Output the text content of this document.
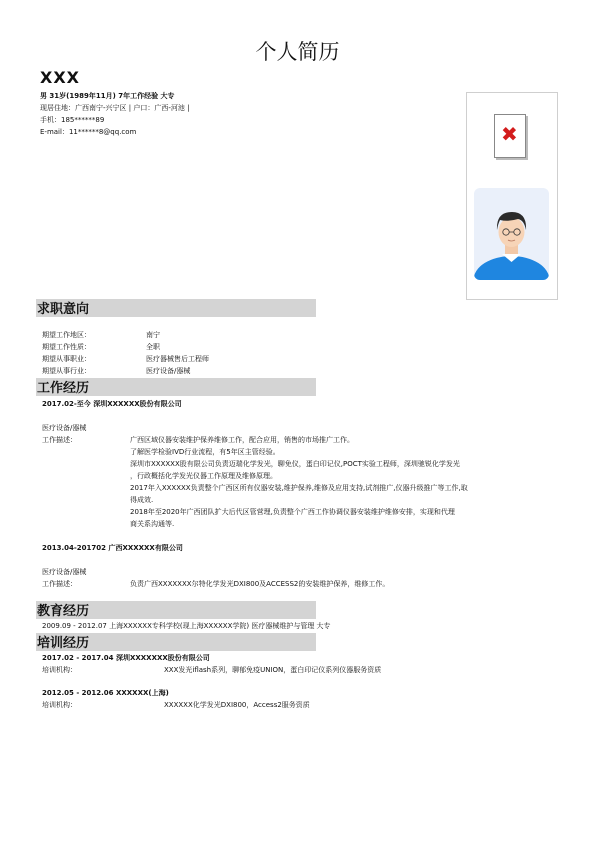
个人简历
XXX
男 31岁(1989年11月) 7年工作经验 大专
现居住地：广西南宁-兴宁区 | 户口：广西-河池 |
手机：185******89
E-mail：11******8@qq.com	✖
求职意向
期望工作地区：	南宁
期望工作性质：	全职
期望从事职业：	医疗器械售后工程师
期望从事行业：	医疗设备/器械
工作经历
2017.02-至今 深圳XXXXXX股份有限公司
医疗设备/器械
工作描述：	广西区域仪器安装维护保养维修工作，配合应用，销售的市场推广工作。
了解医学检验IVD行业流程，有5年区主管经验。
深圳市XXXXXX股有限公司负责迈瑞化学发光，聊免仪，蛋白印记仪,POCT实验工程师，深圳驰锐化学发光
，行政概括化学发光仪器工作原理及维修原理。
2017年入XXXXXX负责整个广西区所有仪器安装,维护保养,维修及应用支持,试剂推广,仪器升级推广等工作,取
得成效.
2018年至2020年广西团队扩大后代区管营理,负责整个广西工作协调仪器安装维护维修安排，实现和代理
商关系沟通等.
2013.04-201702 广西XXXXXX有限公司
医疗设备/器械
工作描述：	负责广西XXXXXXX尔特化学发光DXI800及ACCESS2的安装维护保养，维修工作。
教育经历
2009.09 - 2012.07 上海XXXXXX专科学校(现上海XXXXXX学院) 医疗器械维护与管理 大专
培训经历
2017.02 - 2017.04 深圳XXXXXXX股份有限公司
培训机构：	XXX发光iflash系列，聊郁免疫UNION，蛋白印记仪系列仪器服务资质
2012.05 - 2012.06 XXXXXX(上海)
培训机构：	XXXXXX化学发光DXI800，Access2服务资质
